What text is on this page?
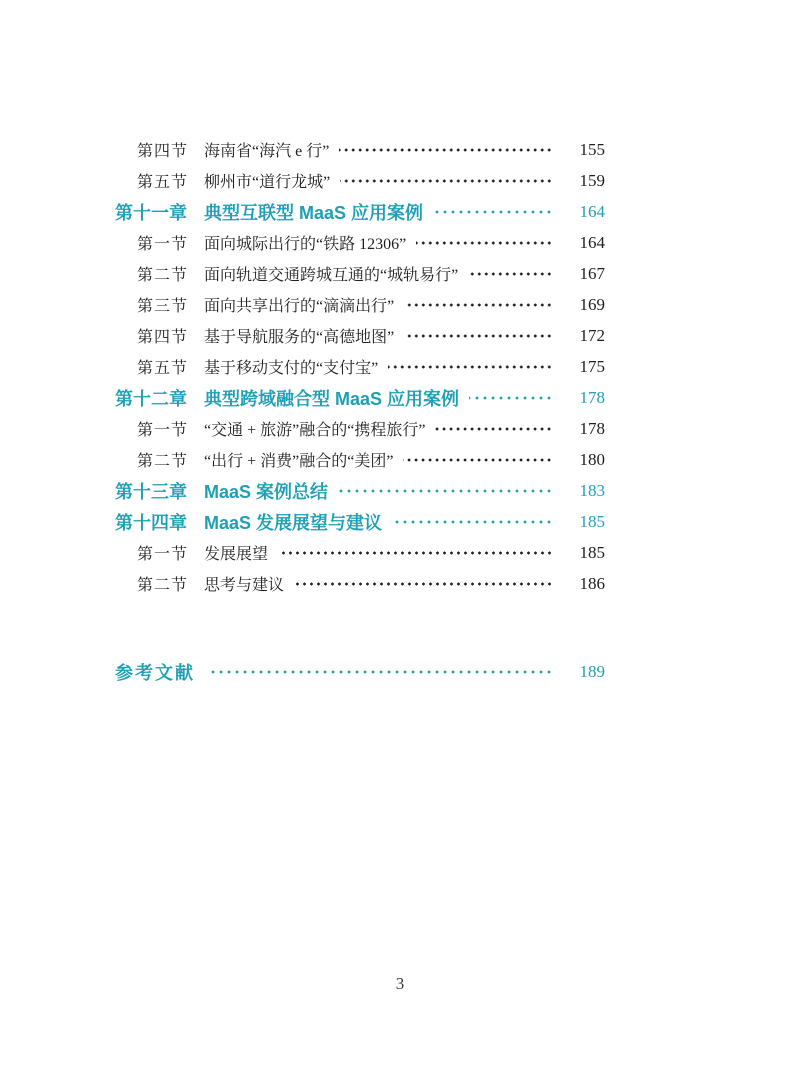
第四节 海南省“海汽 e 行”	155
第五节 柳州市“道行龙城”	159
第十一章 典型互联型 MaaS 应用案例	164
第一节 面向城际出行的“铁路 12306”	164
第二节 面向轨道交通跨城互通的“城轨易行”	167
第三节 面向共享出行的“滴滴出行”	169
第四节 基于导航服务的“高德地图”	172
第五节 基于移动支付的“支付宝”	175
第十二章 典型跨域融合型 MaaS 应用案例	178
第一节 “交通 + 旅游”融合的“携程旅行”	178
第二节 “出行 + 消费”融合的“美团”	180
第十三章 MaaS 案例总结	183
第十四章 MaaS 发展展望与建议	185
第一节 发展展望	185
第二节 思考与建议	186
参考文献	189
3
